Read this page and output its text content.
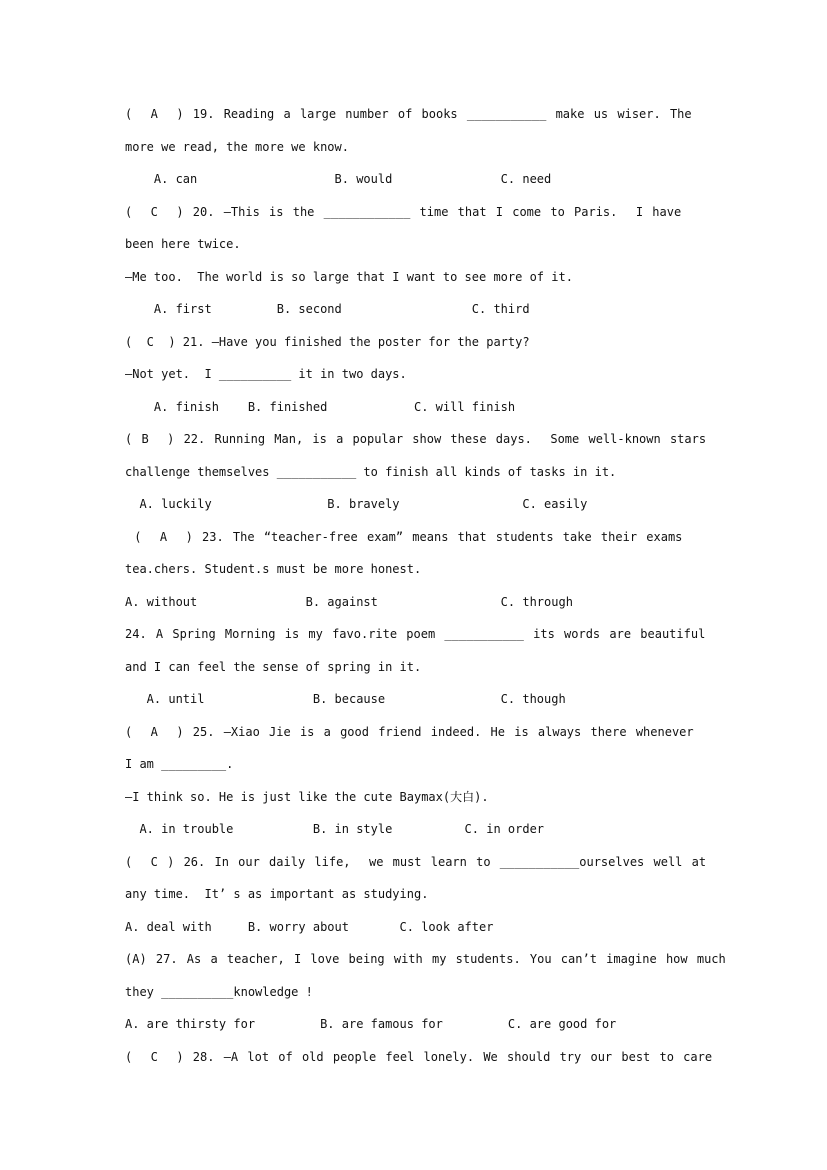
(  A  ) 19. Reading a large number of books ___________ make us wiser. The
more we read, the more we know.
A. can                   B. would               C. need
(  C  ) 20. —This is the ____________ time that I come to Paris.  I have
been here twice.
—Me too.  The world is so large that I want to see more of it.
A. first         B. second                  C. third
(  C  ) 21. —Have you finished the poster for the party?
—Not yet.  I __________ it in two days.
A. finish    B. finished            C. will finish
( B  ) 22. Running Man, is a popular show these days.  Some well-known stars
challenge themselves ___________ to finish all kinds of tasks in it.
A. luckily                B. bravely                 C. easily
(  A  ) 23. The “teacher-free exam” means that students take their exams
tea.chers. Student.s must be more honest.
A. without               B. against                 C. through
24. A Spring Morning is my favo.rite poem ___________ its words are beautiful
and I can feel the sense of spring in it.
A. until               B. because                C. though
(  A  ) 25. —Xiao Jie is a good friend indeed. He is always there whenever
I am _________.
—I think so. He is just like the cute Baymax(大白).
A. in trouble           B. in style          C. in order
(  C ) 26. In our daily life,  we must learn to ___________ourselves well at
any time.  It’ s as important as studying.
A. deal with     B. worry about       C. look after
(A) 27. As a teacher, I love being with my students. You can’t imagine how much
they __________knowledge !
A. are thirsty for         B. are famous for         C. are good for
(  C  ) 28. —A lot of old people feel lonely. We should try our best to care
